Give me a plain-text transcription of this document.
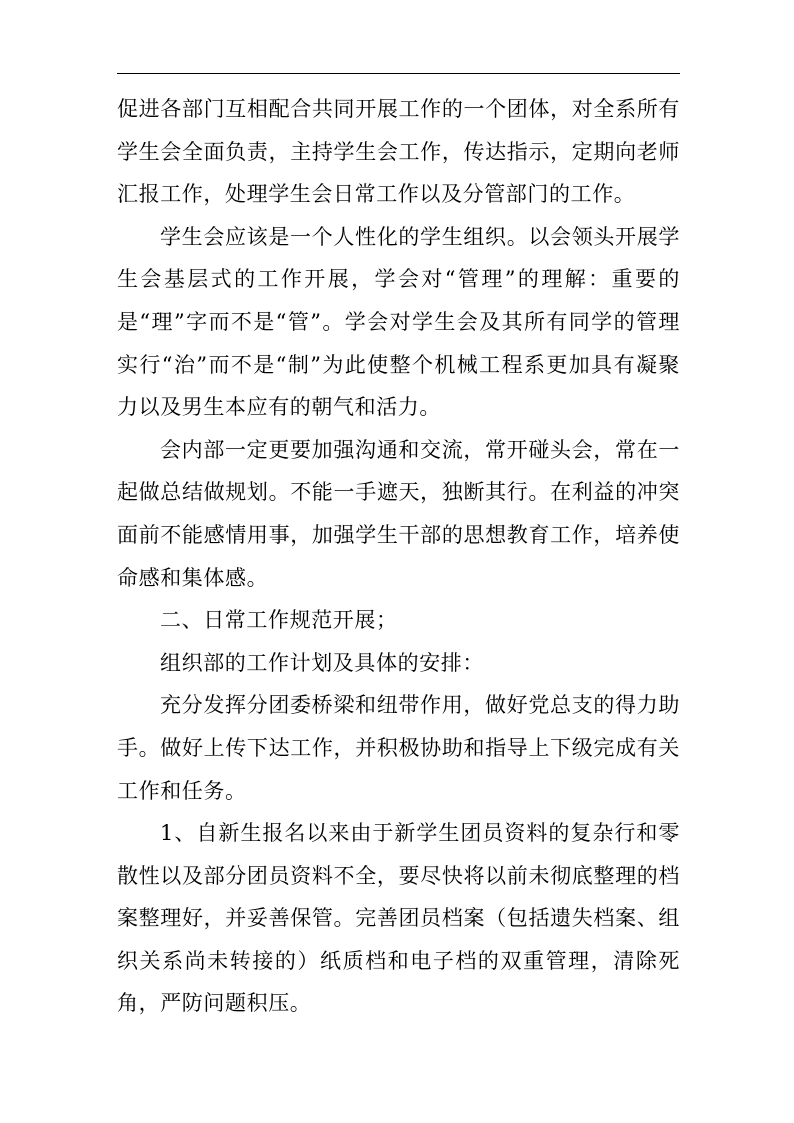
促进各部门互相配合共同开展工作的一个团体，对全系所有学生会全面负责，主持学生会工作，传达指示，定期向老师汇报工作，处理学生会日常工作以及分管部门的工作。

学生会应该是一个人性化的学生组织。以会领头开展学生会基层式的工作开展，学会对“管理”的理解：重要的是“理”字而不是“管”。学会对学生会及其所有同学的管理实行“治”而不是“制”为此使整个机械工程系更加具有凝聚力以及男生本应有的朝气和活力。

会内部一定更要加强沟通和交流，常开碰头会，常在一起做总结做规划。不能一手遮天，独断其行。在利益的冲突面前不能感情用事，加强学生干部的思想教育工作，培养使命感和集体感。

二、日常工作规范开展；

组织部的工作计划及具体的安排：

充分发挥分团委桥梁和纽带作用，做好党总支的得力助手。做好上传下达工作，并积极协助和指导上下级完成有关工作和任务。

1、自新生报名以来由于新学生团员资料的复杂行和零散性以及部分团员资料不全，要尽快将以前未彻底整理的档案整理好，并妥善保管。完善团员档案（包括遗失档案、组织关系尚未转接的）纸质档和电子档的双重管理，清除死角，严防问题积压。
